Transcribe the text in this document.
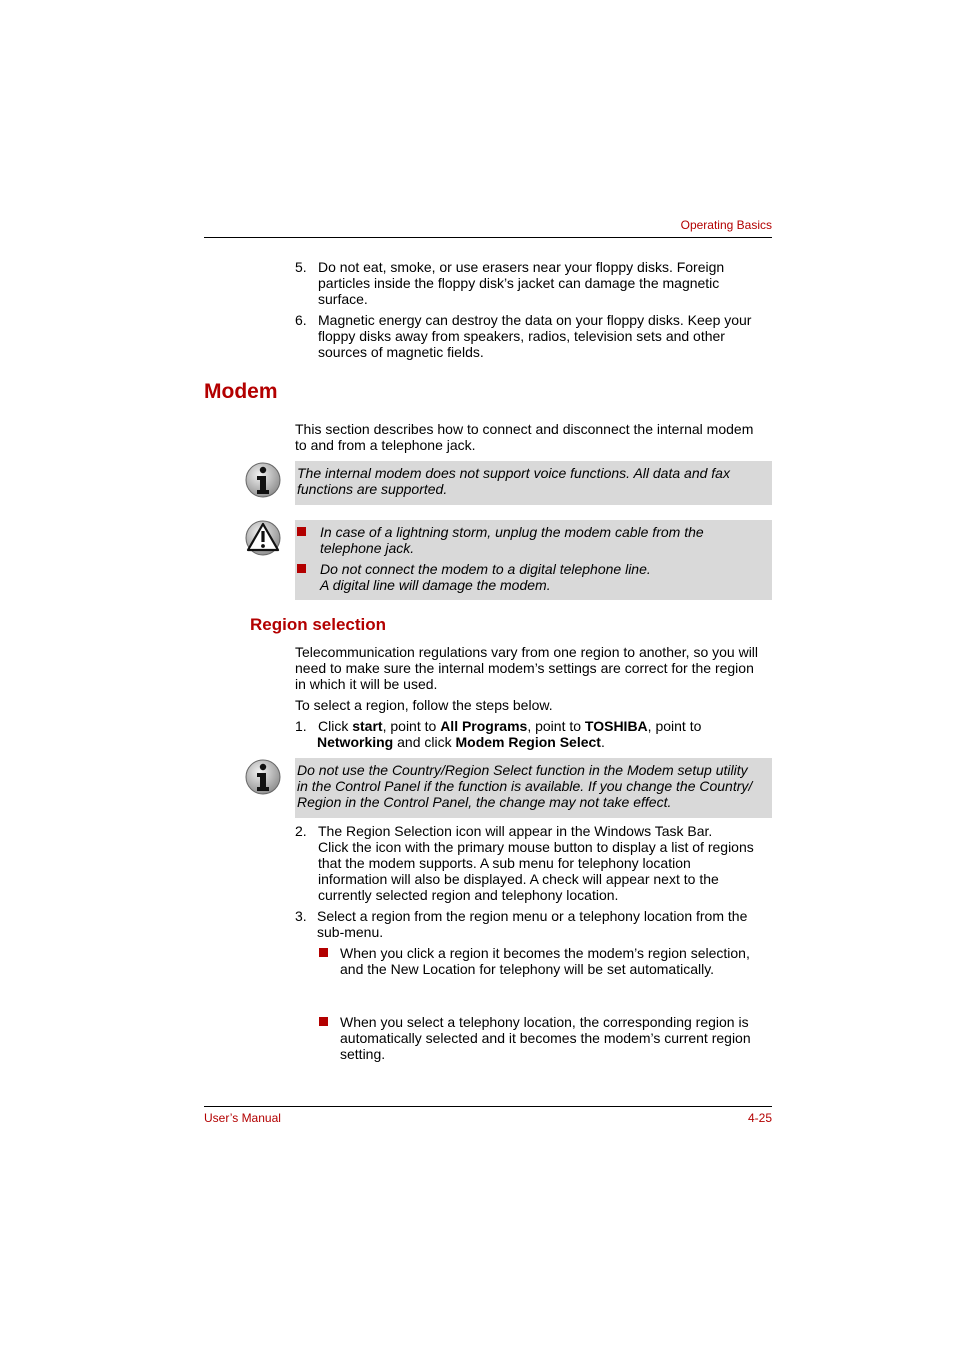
Operating Basics
5. Do not eat, smoke, or use erasers near your floppy disks. Foreign
particles inside the floppy disk’s jacket can damage the magnetic
surface.
6. Magnetic energy can destroy the data on your floppy disks. Keep your
floppy disks away from speakers, radios, television sets and other
sources of magnetic fields.
Modem
This section describes how to connect and disconnect the internal modem
to and from a telephone jack.
The internal modem does not support voice functions. All data and fax
functions are supported.
In case of a lightning storm, unplug the modem cable from the
telephone jack.
Do not connect the modem to a digital telephone line.
A digital line will damage the modem.
Region selection
Telecommunication regulations vary from one region to another, so you will
need to make sure the internal modem’s settings are correct for the region
in which it will be used.
To select a region, follow the steps below.
1. Click start, point to All Programs, point to TOSHIBA, point to
Networking and click Modem Region Select.
Do not use the Country/Region Select function in the Modem setup utility
in the Control Panel if the function is available. If you change the Country/
Region in the Control Panel, the change may not take effect.
2. The Region Selection icon will appear in the Windows Task Bar.
Click the icon with the primary mouse button to display a list of regions
that the modem supports. A sub menu for telephony location
information will also be displayed. A check will appear next to the
currently selected region and telephony location.
3. Select a region from the region menu or a telephony location from the
sub-menu.
When you click a region it becomes the modem’s region selection,
and the New Location for telephony will be set automatically.
When you select a telephony location, the corresponding region is
automatically selected and it becomes the modem’s current region
setting.
User’s Manual	4-25
